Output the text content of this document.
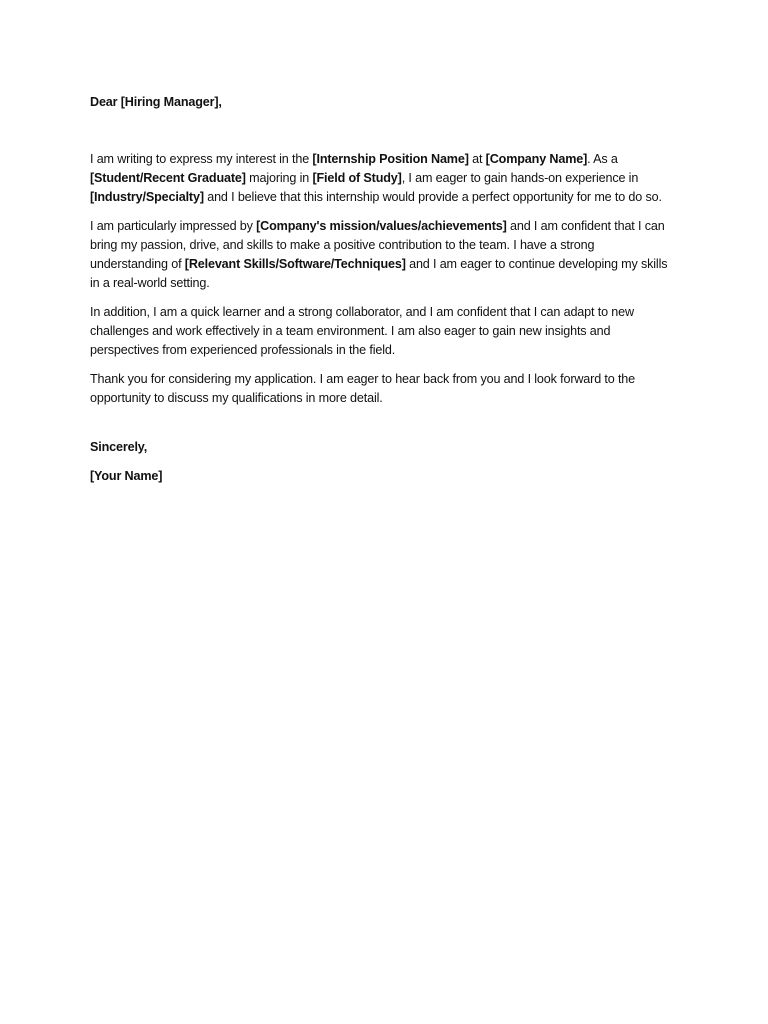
Dear [Hiring Manager],

I am writing to express my interest in the [Internship Position Name] at [Company Name]. As a [Student/Recent Graduate] majoring in [Field of Study], I am eager to gain hands-on experience in [Industry/Specialty] and I believe that this internship would provide a perfect opportunity for me to do so.

I am particularly impressed by [Company's mission/values/achievements] and I am confident that I can bring my passion, drive, and skills to make a positive contribution to the team. I have a strong understanding of [Relevant Skills/Software/Techniques] and I am eager to continue developing my skills in a real-world setting.

In addition, I am a quick learner and a strong collaborator, and I am confident that I can adapt to new challenges and work effectively in a team environment. I am also eager to gain new insights and perspectives from experienced professionals in the field.

Thank you for considering my application. I am eager to hear back from you and I look forward to the opportunity to discuss my qualifications in more detail.

Sincerely,

[Your Name]
